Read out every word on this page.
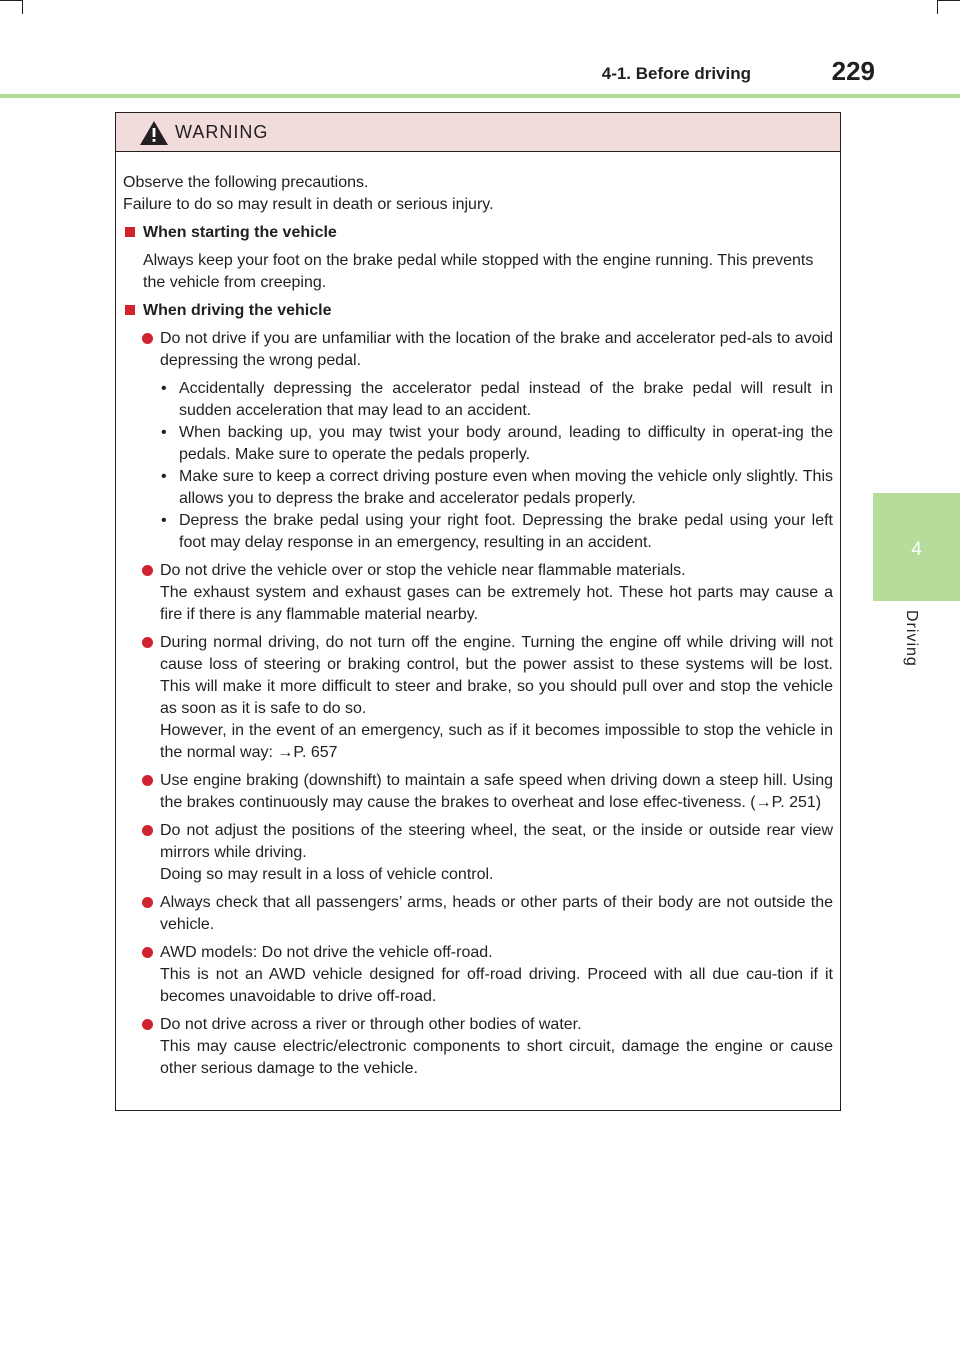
4-1. Before driving	229
4
Driving
WARNING

Observe the following precautions.
Failure to do so may result in death or serious injury.

When starting the vehicle

Always keep your foot on the brake pedal while stopped with the engine running. This prevents the vehicle from creeping.

When driving the vehicle

Do not drive if you are unfamiliar with the location of the brake and accelerator ped-als to avoid depressing the wrong pedal.
• Accidentally depressing the accelerator pedal instead of the brake pedal will result in sudden acceleration that may lead to an accident.
• When backing up, you may twist your body around, leading to difficulty in operat-ing the pedals. Make sure to operate the pedals properly.
• Make sure to keep a correct driving posture even when moving the vehicle only slightly. This allows you to depress the brake and accelerator pedals properly.
• Depress the brake pedal using your right foot. Depressing the brake pedal using your left foot may delay response in an emergency, resulting in an accident.
Do not drive the vehicle over or stop the vehicle near flammable materials.
The exhaust system and exhaust gases can be extremely hot. These hot parts may cause a fire if there is any flammable material nearby.
During normal driving, do not turn off the engine. Turning the engine off while driving will not cause loss of steering or braking control, but the power assist to these systems will be lost. This will make it more difficult to steer and brake, so you should pull over and stop the vehicle as soon as it is safe to do so.
However, in the event of an emergency, such as if it becomes impossible to stop the vehicle in the normal way: →P. 657
Use engine braking (downshift) to maintain a safe speed when driving down a steep hill. Using the brakes continuously may cause the brakes to overheat and lose effec-tiveness. (→P. 251)
Do not adjust the positions of the steering wheel, the seat, or the inside or outside rear view mirrors while driving.
Doing so may result in a loss of vehicle control.
Always check that all passengers’ arms, heads or other parts of their body are not outside the vehicle.
AWD models: Do not drive the vehicle off-road.
This is not an AWD vehicle designed for off-road driving. Proceed with all due cau-tion if it becomes unavoidable to drive off-road.
Do not drive across a river or through other bodies of water.
This may cause electric/electronic components to short circuit, damage the engine or cause other serious damage to the vehicle.
